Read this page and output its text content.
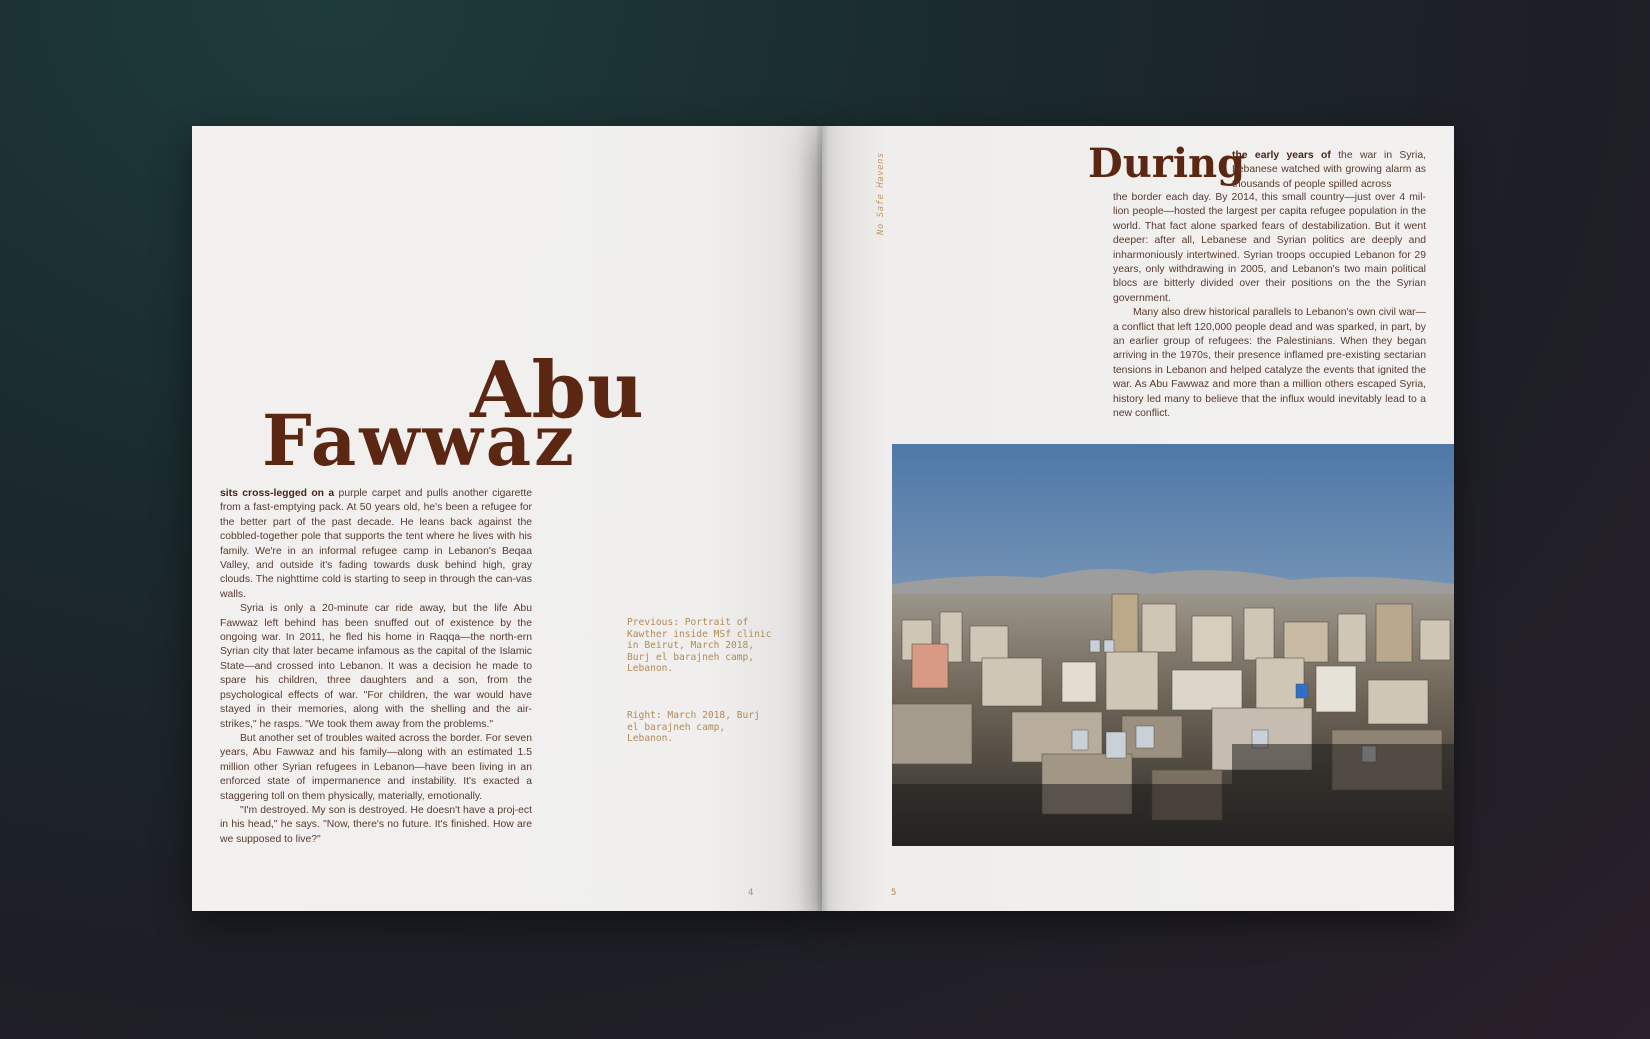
Abu
Fawwaz

sits cross-legged on a purple carpet and pulls another cigarette from a fast-emptying pack. At 50 years old, he's been a refugee for the better part of the past decade. He leans back against the cobbled-together pole that supports the tent where he lives with his family. We're in an informal refugee camp in Lebanon's Beqaa Valley, and outside it's fading towards dusk behind high, gray clouds. The nighttime cold is starting to seep in through the can-vas walls.

Syria is only a 20-minute car ride away, but the life Abu Fawwaz left behind has been snuffed out of existence by the ongoing war. In 2011, he fled his home in Raqqa—the north-ern Syrian city that later became infamous as the capital of the Islamic State—and crossed into Lebanon. It was a decision he made to spare his children, three daughters and a son, from the psychological effects of war. "For children, the war would have stayed in their memories, along with the shelling and the air-strikes," he rasps. "We took them away from the problems."

But another set of troubles waited across the border. For seven years, Abu Fawwaz and his family—along with an estimated 1.5 million other Syrian refugees in Lebanon—have been living in an enforced state of impermanence and instability. It's exacted a staggering toll on them physically, materially, emotionally.

"I'm destroyed. My son is destroyed. He doesn't have a proj-ect in his head," he says. "Now, there's no future. It's finished. How are we supposed to live?"

Previous: Portrait of Kawther inside MSf clinic in Beirut, March 2018, Burj el barajneh camp, Lebanon.

Right: March 2018, Burj el barajneh camp, Lebanon.

4
No Safe Havens	During

the early years of the war in Syria, Lebanese watched with growing alarm as thousands of people spilled across

the border each day. By 2014, this small country—just over 4 mil-lion people—hosted the largest per capita refugee population in the world. That fact alone sparked fears of destabilization. But it went deeper: after all, Lebanese and Syrian politics are deeply and inharmoniously intertwined. Syrian troops occupied Lebanon for 29 years, only withdrawing in 2005, and Lebanon's two main political blocs are bitterly divided over their positions on the the Syrian government.

Many also drew historical parallels to Lebanon's own civil war—a conflict that left 120,000 people dead and was sparked, in part, by an earlier group of refugees: the Palestinians. When they began arriving in the 1970s, their presence inflamed pre-existing sectarian tensions in Lebanon and helped catalyze the events that ignited the war. As Abu Fawwaz and more than a million others escaped Syria, history led many to believe that the influx would inevitably lead to a new conflict.

5
